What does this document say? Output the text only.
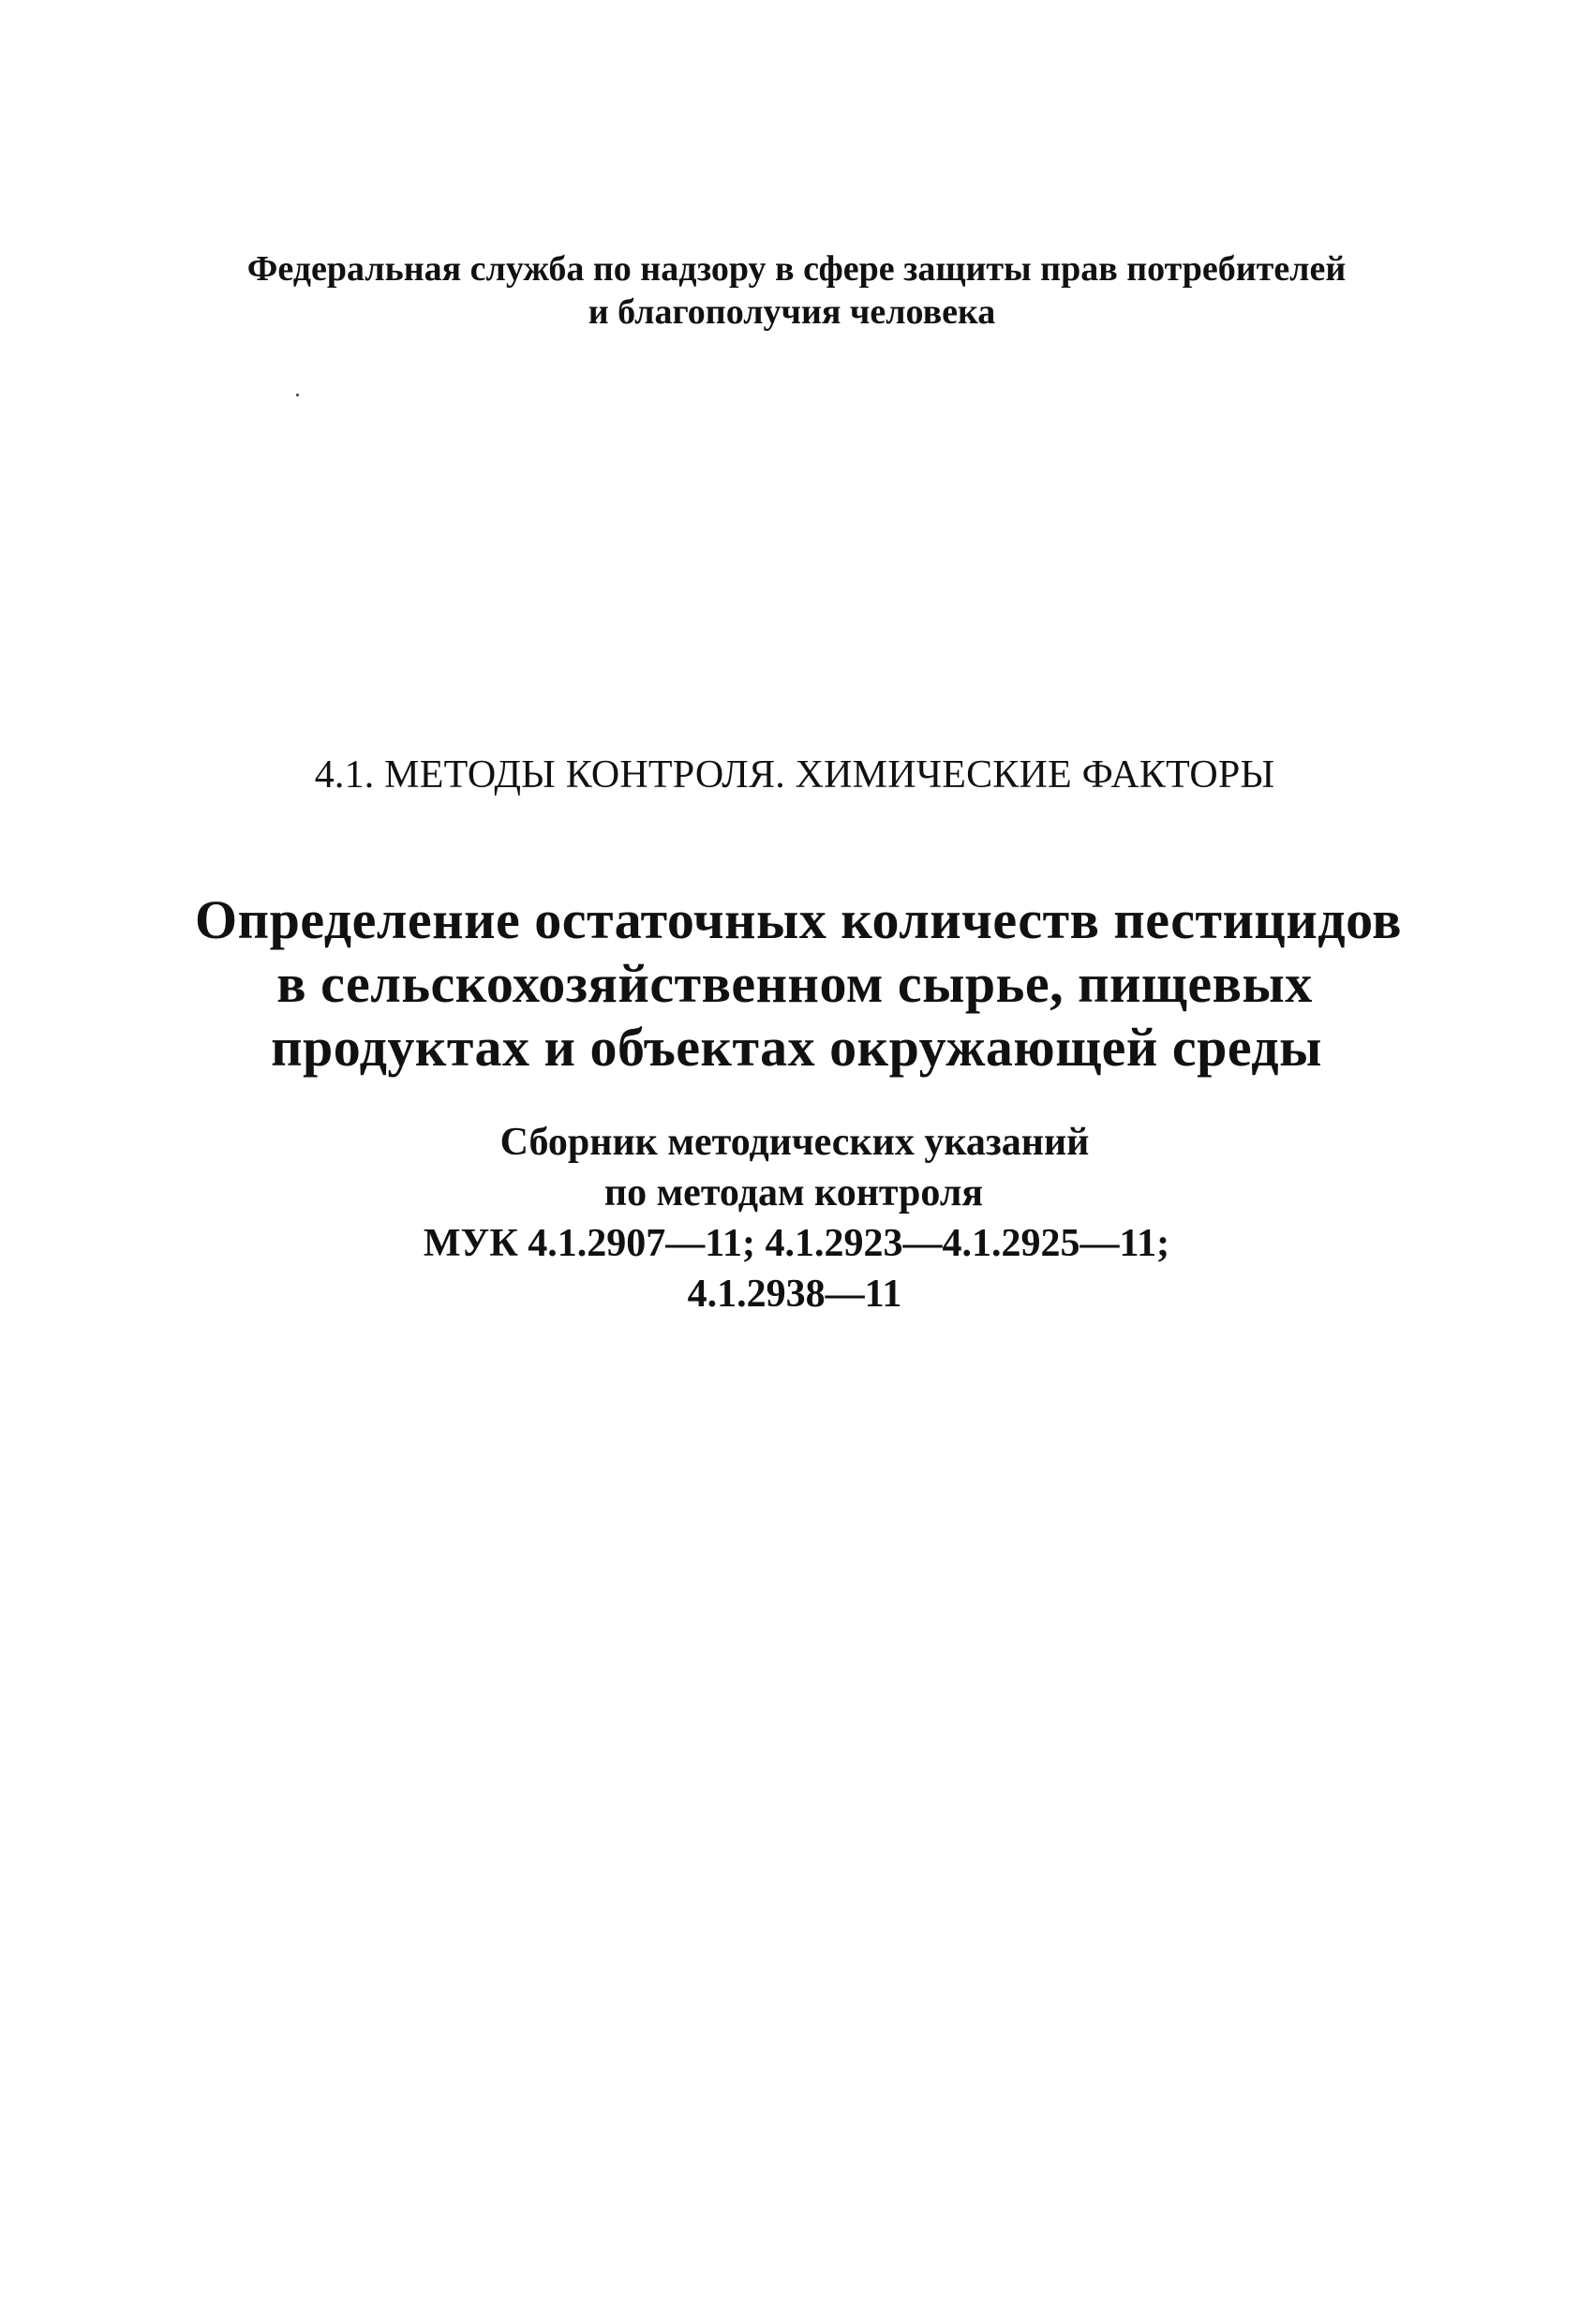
Федеральная служба по надзору в сфере защиты прав потребителей
и благополучия человека
4.1. МЕТОДЫ КОНТРОЛЯ. ХИМИЧЕСКИЕ ФАКТОРЫ
Определение остаточных количеств пестицидов
в сельскохозяйственном сырье, пищевых
продуктах и объектах окружающей среды
Сборник методических указаний
по методам контроля
МУК 4.1.2907—11; 4.1.2923—4.1.2925—11;
4.1.2938—11
